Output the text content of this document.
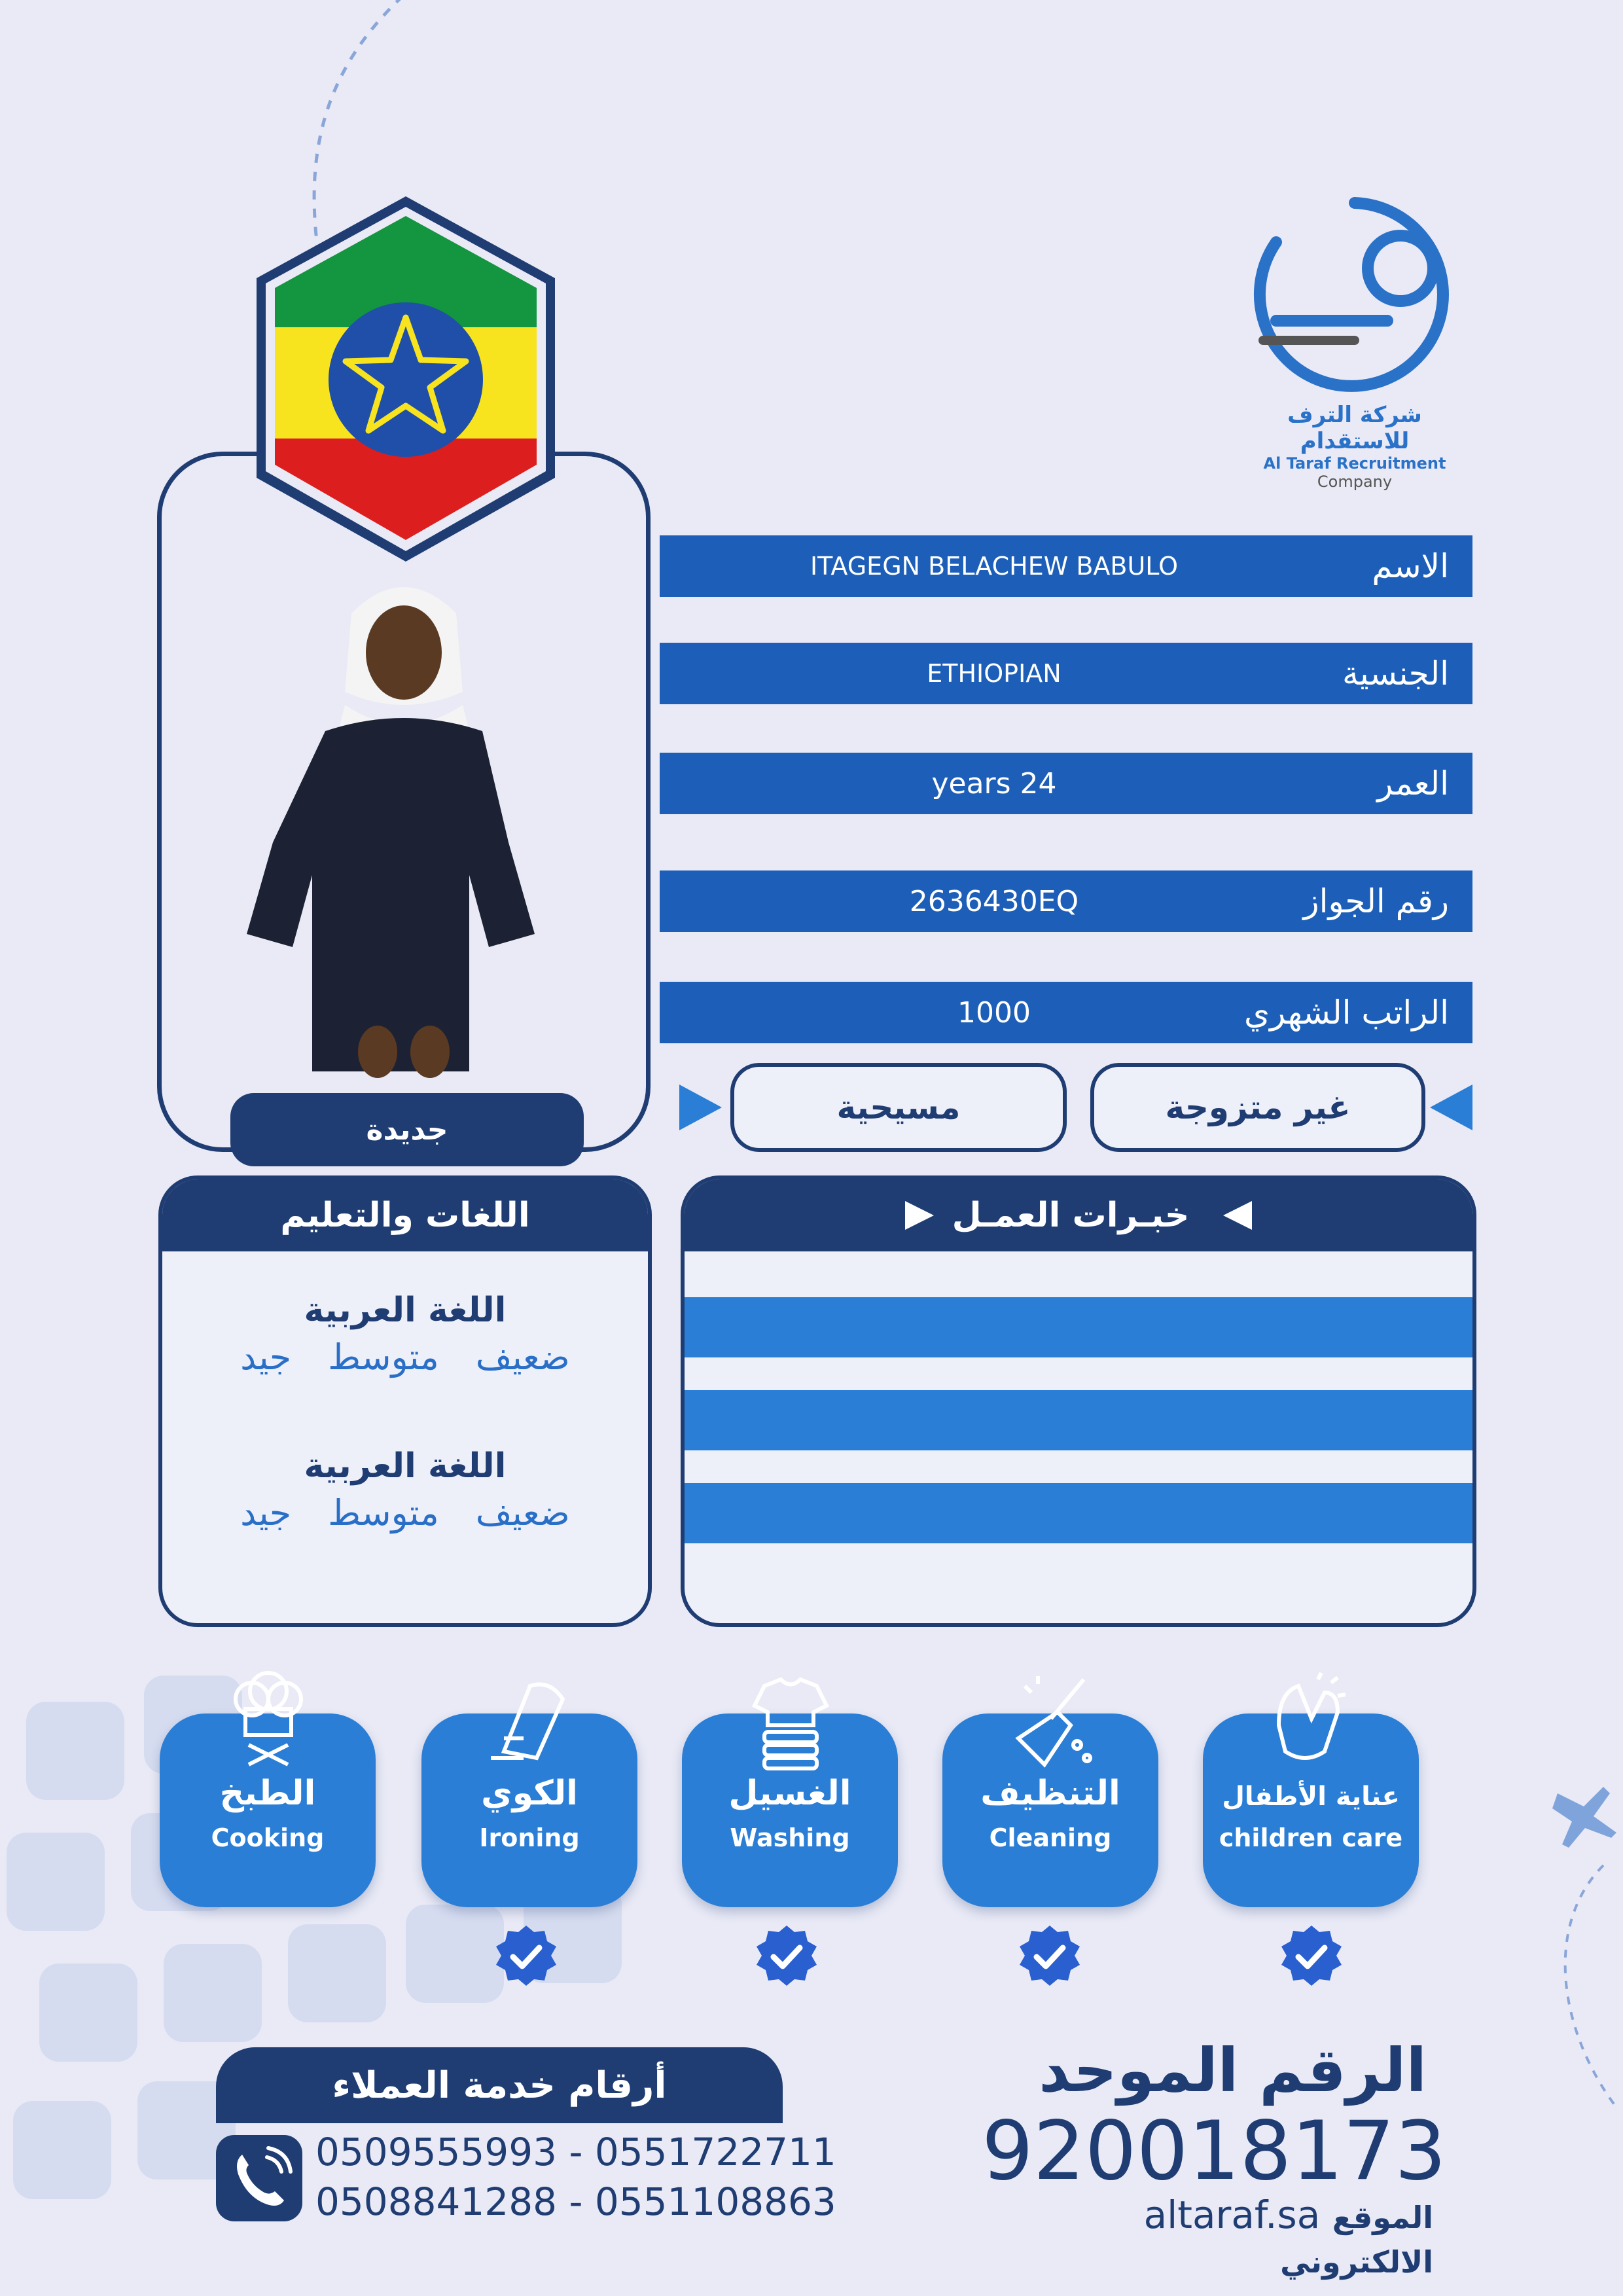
شركة الترف للاستقدام
Al Taraf Recruitment Company
جديدة
ITAGEGN BELACHEW BABULO	الاسم
ETHIOPIAN	الجنسية
years 24	العمر
2636430EQ	رقم الجواز
1000	الراتب الشهري
مسيحية	غير متزوجة
اللغات والتعليم
اللغة العربية
ضعيف
متوسط
جيد
اللغة العربية
ضعيف
متوسط
جيد
خبـرات العمـل
الطبخ
Cooking
الكوي
Ironing
الغسيل
Washing
التنظيف
Cleaning
عناية الأطفال
children care
أرقام خدمة العملاء
0509555993 - 0551722711
0508841288 - 0551108863
الرقم الموحد
920018173
altaraf.sa الموقع الالكتروني
